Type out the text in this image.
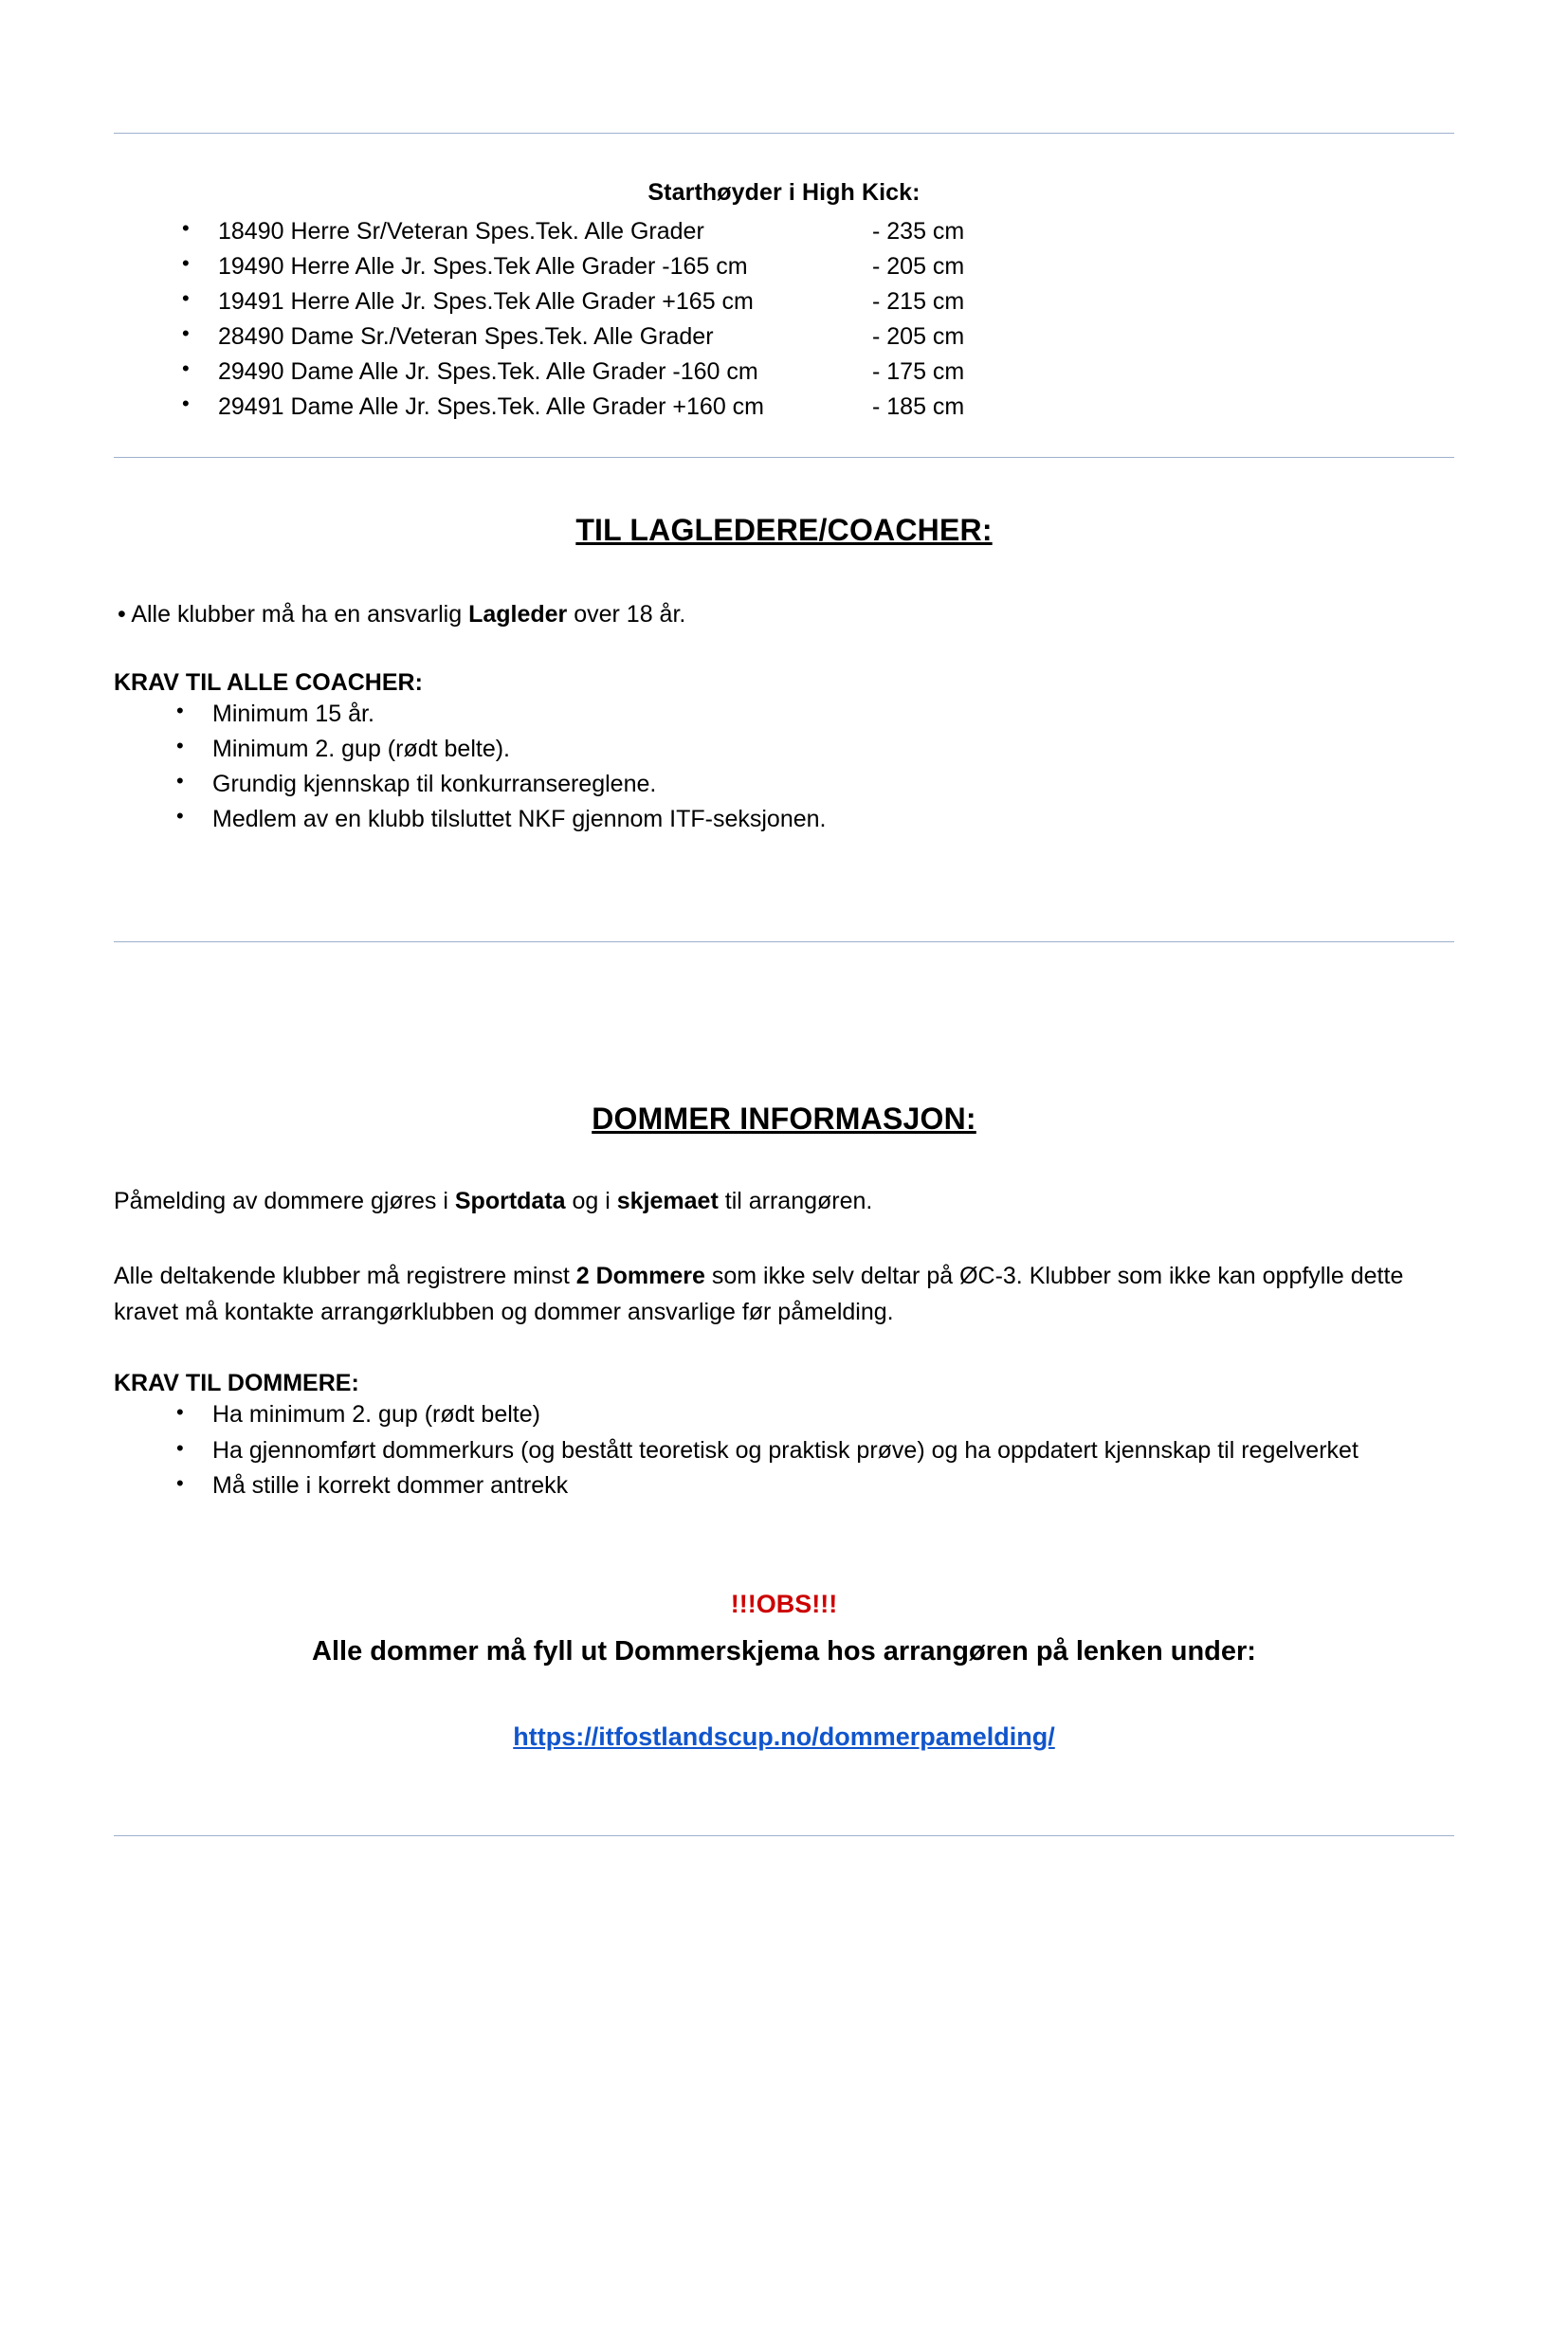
Starthøyder i High Kick:
• 18490 Herre Sr/Veteran Spes.Tek. Alle Grader	- 235 cm
• 19490 Herre Alle Jr. Spes.Tek Alle Grader -165 cm	- 205 cm
• 19491 Herre Alle Jr. Spes.Tek Alle Grader +165 cm	- 215 cm
• 28490 Dame Sr./Veteran Spes.Tek. Alle Grader	- 205 cm
• 29490 Dame Alle Jr. Spes.Tek. Alle Grader -160 cm	- 175 cm
• 29491 Dame Alle Jr. Spes.Tek. Alle Grader +160 cm	- 185 cm
TIL LAGLEDERE/COACHER:

• Alle klubber må ha en ansvarlig Lagleder over 18 år.

KRAV TIL ALLE COACHER:
• Minimum 15 år.
• Minimum 2. gup (rødt belte).
• Grundig kjennskap til konkurransereglene.
• Medlem av en klubb tilsluttet NKF gjennom ITF-seksjonen.
DOMMER INFORMASJON:

Påmelding av dommere gjøres i Sportdata og i skjemaet til arrangøren.

Alle deltakende klubber må registrere minst 2 Dommere som ikke selv deltar på ØC-3. Klubber som ikke kan oppfylle dette kravet må kontakte arrangørklubben og dommer ansvarlige før påmelding.

KRAV TIL DOMMERE:
• Ha minimum 2. gup (rødt belte)
• Ha gjennomført dommerkurs (og bestått teoretisk og praktisk prøve) og ha oppdatert kjennskap til regelverket
• Må stille i korrekt dommer antrekk
!!!OBS!!!
Alle dommer må fyll ut Dommerskjema hos arrangøren på lenken under:
https://itfostlandscup.no/dommerpamelding/
